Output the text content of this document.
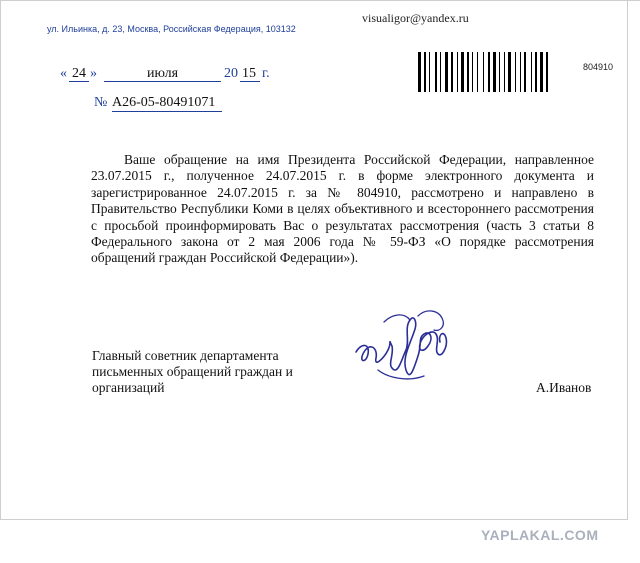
ул. Ильинка, д. 23, Москва, Российская Федерация, 103132
visualigor@yandex.ru
« 24 »	июля	20 15 г.
№ А26-05-80491071
804910
Ваше обращение на имя Президента Российской Федерации, направленное 23.07.2015 г., полученное 24.07.2015 г. в форме электронного документа и зарегистрированное 24.07.2015 г. за № 804910, рассмотрено и направлено в Правительство Республики Коми в целях объективного и всестороннего рассмотрения с просьбой проинформировать Вас о результатах рассмотрения (часть 3 статьи 8 Федерального закона от 2 мая 2006 года № 59-ФЗ «О порядке рассмотрения обращений граждан Российской Федерации»).
Главный советник департамента
письменных обращений граждан и
организаций	А.Иванов
YAPLAKAL.COM
